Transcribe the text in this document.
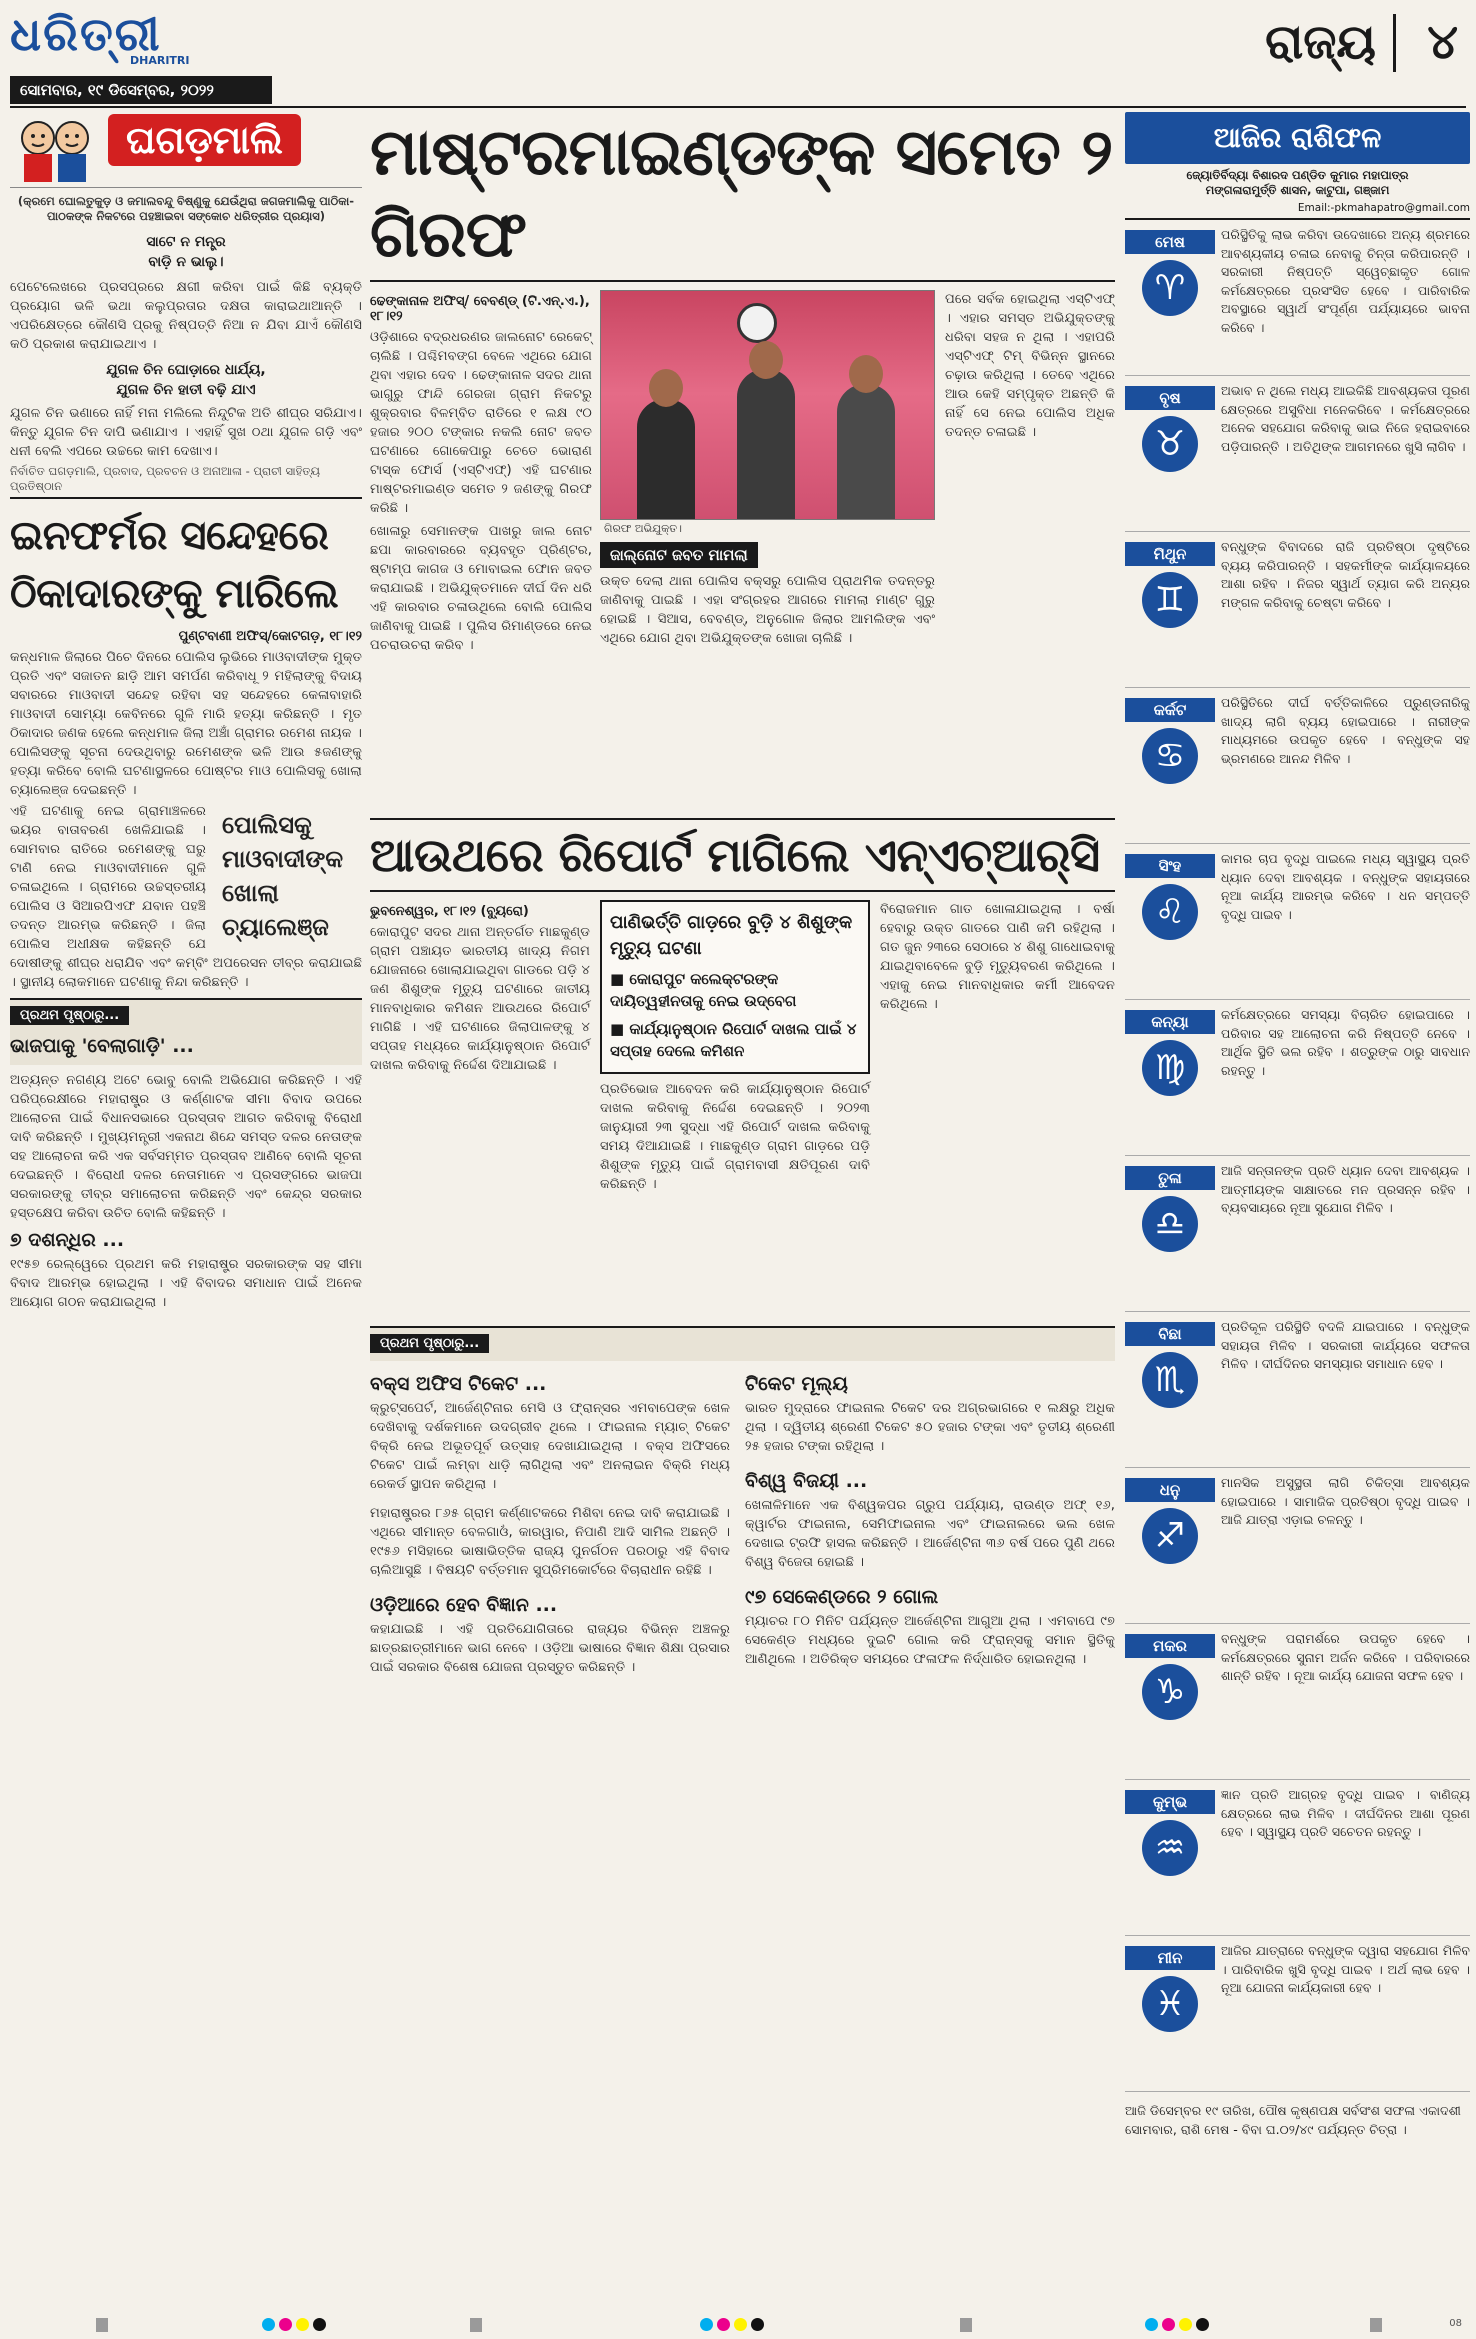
ଧରିତ୍ରୀ
DHARITRI
ସୋମବାର, ୧୯ ଡିସେମ୍ବର, ୨୦୨୨
ରାଜ୍ୟ ୪
ଘଗଡ଼ମାଲି
(କ୍ରମେ ଘୋଲତୁକୁଡ଼ ଓ ଜମାଲବନ୍ଦୁ ବିଷ୍ଣୁକୁ ଯେଉଁଥିରା ଜଗଜମାଲିକୁ ପାଠିକା-ପାଠକଙ୍କ ନିକଟରେ ପହଞ୍ଚାଇବା ସଙ୍କୋଚ ଧରିତ୍ରୀର ପ୍ରୟାସ)
ସାଟେ ନ ମନ୍ତ୍ର
ବାଡ଼ି ନ ଭାଲୁ।
ପେଟେଲେଖରେ ପ୍ରସପ୍ରରେ କ୍ଷଗୀ କରିବା ପାଇଁ କିଛି ବ୍ୟକ୍ତି ପ୍ରୟୋଗ ଭଳି ଭଥା କଲୁପ୍ରତାର ଦକ୍ଷତା କାରାଇଥାଆନ୍ତି । ଏପରିକ୍ଷେତ୍ରେ କୌଣସି ପ୍ରକୁ ନିଷ୍ପତ୍ତି ନିଆ ନ ଯିବା ଯାଏଁ କୌଣସି କଠି ପ୍ରକାଶ କରାଯାଇଥାଏ ।
ଯୁଗଳ ଚିନ ଘୋଡ଼ାରେ ଧାର୍ଯ୍ୟ,
ଯୁଗଳ ଚିନ ହାତୀ ବଢ଼ି ଯାଏ
ଯୁଗଳ ଚିନ ଭଣାରେ ନାହିଁ ମନା ମଲିଲେ ନିନ୍ଦୁଟିକ ଅତି ଶୀଘ୍ର ସରିଯାଏ। କିନ୍ତୁ ଯୁଗଳ ଚିନ ଦାପି ଭଣାଯାଏ । ଏହାହିଁ ସୁଖ ଠଥା ଯୁଗଳ ଗଡ଼ି ଏବଂ ଧନୀ ବେଲି ଏପରେ ଉଚ୍ଚରେ କାମ ଦେଖାଏ।
ନିର୍ବାଚିତ ଘଗଡ଼ମାଲି, ପ୍ରବାଦ, ପ୍ରବଚନ ଓ ଅନାଆଳା - ପ୍ରାଚୀ ସାହିତ୍ୟ ପ୍ରତିଷ୍ଠାନ
ଇନଫର୍ମର ସନ୍ଦେହରେ ଠିକାଦାରଙ୍କୁ ମାରିଲେ
ପୁଣ୍ଟବାଣୀ ଅଫିସ୍/କୋଟଗଡ଼, ୧୮।୧୨

କନ୍ଧମାଳ ଜିଲାରେ ପିଚେ ଦିନରେ ପୋଲିସ ଲୁଭିରେ ମାଓବାଦୀଙ୍କ ମୁକ୍ତ ପ୍ରତି ଏବଂ ସଜାତନ ଛାଡ଼ି ଆମ ସମର୍ପଣ କରିବାଧୂ ୨ ମହିଲାଙ୍କୁ ବିଦାୟ ସବାରରେ ମାଓବାଦୀ ସନ୍ଦେହ ରହିବା ସହ ସନ୍ଦେହରେ କେଳାବାହାରି ମାଓବାଦୀ ସୋମ୍ୟା କେବିନରେ ଗୁଳି ମାରି ହତ୍ୟା କରିଛନ୍ତି । ମୃତ ଠିକାଦାର ଜଣକ ହେଲେ କନ୍ଧମାଳ ଜିଲା ଅଞ୍ଚାଁ ଗ୍ରାମର ରମେଶ ନାୟକ । ପୋଲିସଙ୍କୁ ସୂଚନା ଦେଉଥିବାରୁ ରମେଶଙ୍କ ଭଳି ଆଉ ୫ଜଣଙ୍କୁ ହତ୍ୟା କରିବେ ବୋଲି ଘଟଣାସ୍ଥଳରେ ପୋଷ୍ଟର ମାଓ ପୋଲିସକୁ ଖୋଲା ଚ୍ୟାଲେଞ୍ଜ ଦେଇଛନ୍ତି ।

ପୋଲିସକୁ ମାଓବାଦୀଙ୍କ ଖୋଲା ଚ୍ୟାଲେଞ୍ଜ

ଏହି ଘଟଣାକୁ ନେଇ ଗ୍ରାମାଞ୍ଚଳରେ ଭୟର ବାତାବରଣ ଖେଳିଯାଇଛି । ସୋମବାର ରାତିରେ ରମେଶଙ୍କୁ ଘରୁ ଟାଣି ନେଇ ମାଓବାଦୀମାନେ ଗୁଳି ଚଳାଇଥିଲେ । ଗ୍ରାମରେ ଉଚ୍ଚସ୍ତରୀୟ ପୋଲିସ ଓ ସିଆରପିଏଫ ଯବାନ ପହଞ୍ଚି ତଦନ୍ତ ଆରମ୍ଭ କରିଛନ୍ତି । ଜିଲା ପୋଲିସ ଅଧୀକ୍ଷକ କହିଛନ୍ତି ଯେ ଦୋଷୀଙ୍କୁ ଶୀଘ୍ର ଧରାଯିବ ଏବଂ କମ୍ବିଂ ଅପରେସନ ତୀବ୍ର କରାଯାଇଛି । ସ୍ଥାନୀୟ ଲୋକମାନେ ଘଟଣାକୁ ନିନ୍ଦା କରିଛନ୍ତି ।

ପ୍ରଥମ ପୃଷ୍ଠାରୁ...
ଭାଜପାକୁ 'ବେଲାଗାଡ଼ି' ...
ଅତ୍ୟନ୍ତ ନଗଣ୍ୟ ଅଟେ ଭୋବୁ ବୋଲି ଅଭିଯୋଗ କରିଛନ୍ତି । ଏହି ପରିପ୍ରେକ୍ଷୀରେ ମହାରାଷ୍ଟ୍ର ଓ କର୍ଣ୍ଣାଟକ ସୀମା ବିବାଦ ଉପରେ ଆଲୋଚନା ପାଇଁ ବିଧାନସଭାରେ ପ୍ରସ୍ତାବ ଆଗତ କରିବାକୁ ବିରୋଧୀ ଦାବି କରିଛନ୍ତି । ମୁଖ୍ୟମନ୍ତ୍ରୀ ଏକନାଥ ଶିନ୍ଦେ ସମସ୍ତ ଦଳର ନେତାଙ୍କ ସହ ଆଲୋଚନା କରି ଏକ ସର୍ବସମ୍ମତ ପ୍ରସ୍ତାବ ଆଣିବେ ବୋଲି ସୂଚନା ଦେଇଛନ୍ତି । ବିରୋଧୀ ଦଳର ନେତାମାନେ ଏ ପ୍ରସଙ୍ଗରେ ଭାଜପା ସରକାରଙ୍କୁ ତୀବ୍ର ସମାଲୋଚନା କରିଛନ୍ତି ଏବଂ କେନ୍ଦ୍ର ସରକାର ହସ୍ତକ୍ଷେପ କରିବା ଉଚିତ ବୋଲି କହିଛନ୍ତି ।
୭ ଦଶନ୍ଧିର ...
୧୯୫୭ ରେଲ୍ୱେରେ ପ୍ରଥମ କରି ମହାରାଷ୍ଟ୍ର ସରକାରଙ୍କ ସହ ସୀମା ବିବାଦ ଆରମ୍ଭ ହୋଇଥିଲା । ଏହି ବିବାଦର ସମାଧାନ ପାଇଁ ଅନେକ ଆୟୋଗ ଗଠନ କରାଯାଇଥିଲା ।
ମାଷ୍ଟରମାଇଣ୍ଡଙ୍କ ସମେତ ୨ ଗିରଫ
ଢେଙ୍କାନାଳ ଅଫିସ୍/ ବେବଣ୍ଡ୍ (ଟି.ଏନ୍.ଏ.), ୧୮।୧୨
ଓଡ଼ିଶାରେ ବଦ୍ରଧରଣର ଜାଲନୋଟ ର‌େକେଟ୍ ଚାଲିଛି । ପଶ୍ଚିମବଙ୍ଗ ବେଳେ ଏଥିରେ ଯୋଗ ଥିବା ଏହାର ଦେବ । ଢେଙ୍କାନାଳ ସଦର ଥାନା ଭାଗୁରୁ ଫାନ୍ଦି ଗେରଜା ଗ୍ରାମ ନିକଟରୁ ଶୁକ୍ରବାର ବିଳମ୍ବିତ ରାତିରେ ୧ ଲକ୍ଷ ୯୦ ହଜାର ୨୦୦ ଟଙ୍କାର ନକଲି ନୋଟ ଜବତ ଘଟଣାରେ ଗୋକେପାରୁ ଚେତେ ଭୋରାଣ ଟାସ୍କ ଫୋର୍ସ (ଏସ୍ଟିଏଫ୍) ଏହି ଘଟଣାର ମାଷ୍ଟରମାଇଣ୍ଡ ସମେତ ୨ ଜଣଙ୍କୁ ଗିରଫ କରିଛି ।
ଖୋଳାରୁ ସେମାନଙ୍କ ପାଖରୁ ଜାଲ ନୋଟ ଛପା କାରବାରରେ ବ୍ୟବହୃତ ପ୍ରିଣ୍ଟର, ଷ୍ଟାମ୍ପ କାଗଜ ଓ ମୋବାଇଲ ଫୋନ ଜବତ କରାଯାଇଛି । ଅଭିଯୁକ୍ତମାନେ ଦୀର୍ଘ ଦିନ ଧରି ଏହି କାରବାର ଚଳାଉଥିଲେ ବୋଲି ପୋଲିସ ଜାଣିବାକୁ ପାଇଛି । ପୁଲିସ ରିମାଣ୍ଡରେ ନେଇ ପଚରାଉଚରା କରିବ ।
ଗିରଫ ଅଭିଯୁକ୍ତ।
ପରେ ସର୍ବକ ହୋଇଥିଲା ଏସ୍ଟିଏଫ୍ । ଏହାର ସମସ୍ତ ଅଭିଯୁକ୍ତଙ୍କୁ ଧରିବା ସହଜ ନ ଥିଲା । ଏହାପରି ଏସ୍ଟିଏଫ୍ ଟିମ୍ ବିଭିନ୍ନ ସ୍ଥାନରେ ଚଢ଼ାଉ କରିଥିଲା । ତେବେ ଏଥିରେ ଆଉ କେହି ସମ୍ପୃକ୍ତ ଅଛନ୍ତି କି ନାହିଁ ସେ ନେଇ ପୋଲିସ ଅଧିକ ତଦନ୍ତ ଚଳାଇଛି ।
ଜାଲ୍‌ନୋଟ ଜବତ ମାମଲା
ଉକ୍ତ ଦେଲା ଥାନା ପୋଲିସ ବକ୍ସରୁ ପୋଲିସ ପ୍ରାଥମିକ ତଦନ୍ତରୁ ଜାଣିବାକୁ ପାଇଛି । ଏହା ସଂଗ୍ରହର ଆଗରେ ମାମଲା ମାଣ୍ଟ ଗୁରୁ ହୋଇଛି । ସିଆସ, ବେବଣ୍ଡ୍, ଅନୁଗୋଳ ଜିଲାର ଆମଲିଙ୍କ ଏବଂ ଏଥିରେ ଯୋଗ ଥିବା ଅଭିଯୁକ୍ତଙ୍କ ଖୋଜା ଚାଲିଛି ।
ଆଉଥରେ ରିପୋର୍ଟ ମାଗିଲେ ଏନ୍‌ଏଚ୍‌ଆର୍‌ସି
ଭୁବନେଶ୍ୱର, ୧୮।୧୨ (ବ୍ୟୁରୋ)
କୋରାପୁଟ ସଦର ଥାନା ଅନ୍ତର୍ଗତ ମାଛକୁଣ୍ଡ ଗ୍ରାମ ପଞ୍ଚାୟତ ଭାରତୀୟ ଖାଦ୍ୟ ନିଗମ ଯୋଜନାରେ ଖୋଲାଯାଇଥିବା ଗାଡରେ ପଡ଼ି ୪ ଜଣ ଶିଶୁଙ୍କ ମୃତ୍ୟୁ ଘଟଣାରେ ଜାତୀୟ ମାନବାଧିକାର କମିଶନ ଆଉଥରେ ରିପୋର୍ଟ ମାଗିଛି । ଏହି ଘଟଣାରେ ଜିଲାପାଳଙ୍କୁ ୪ ସପ୍ତାହ ମଧ୍ୟରେ କାର୍ଯ୍ୟାନୁଷ୍ଠାନ ରିପୋର୍ଟ ଦାଖଲ କରିବାକୁ ନିର୍ଦ୍ଦେଶ ଦିଆଯାଇଛି ।
ପାଣିଭର୍ତ୍ତି ଗାଡ଼ରେ ବୁଡ଼ି ୪ ଶିଶୁଙ୍କ ମୃତ୍ୟୁ ଘଟଣା
■ କୋରାପୁଟ କଲେକ୍ଟରଙ୍କ ଦାୟିତ୍ୱହୀନତାକୁ ନେଇ ଉଦ୍‌ବେଗ
■ କାର୍ଯ୍ୟାନୁଷ୍ଠାନ ରିପୋର୍ଟ ଦାଖଲ ପାଇଁ ୪ ସପ୍ତାହ ଦେଲେ କମିଶନ
ପ୍ରତିଭୋଜ ଆବେଦନ କରି କାର୍ଯ୍ୟାନୁଷ୍ଠାନ ରିପୋର୍ଟ ଦାଖଲ କରିବାକୁ ନିର୍ଦ୍ଦେଶ ଦେଇଛନ୍ତି । ୨୦୨୩ ଜାନୁୟାରୀ ୨୩ ସୁଦ୍ଧା ଏହି ରିପୋର୍ଟ ଦାଖଲ କରିବାକୁ ସମୟ ଦିଆଯାଇଛି । ମାଛକୁଣ୍ଡ ଗ୍ରାମ ଗାଡ଼ରେ ପଡ଼ି ଶିଶୁଙ୍କ ମୃତ୍ୟୁ ପାଇଁ ଗ୍ରାମବାସୀ କ୍ଷତିପୂରଣ ଦାବି କରିଛନ୍ତି ।
ବିରୋଜମାନ ଗାତ ଖୋଳାଯାଇଥିଲା । ବର୍ଷା ହେବାରୁ ଉକ୍ତ ଗାତରେ ପାଣି ଜମି ରହିଥିଲା । ଗତ ଜୁନ ୨୩ରେ ସେଠାରେ ୪ ଶିଶୁ ଗାଧୋଇବାକୁ ଯାଇଥିବାବେଳେ ବୁଡ଼ି ମୃତ୍ୟୁବରଣ କରିଥିଲେ । ଏହାକୁ ନେଇ ମାନବାଧିକାର କର୍ମୀ ଆବେଦନ କରିଥିଲେ ।
ପ୍ରଥମ ପୃଷ୍ଠାରୁ...
ବକ୍ସ ଅଫିସ ଟିକେଟ ...
କ୍ରୁଟ୍‌ସପେର୍ଟ, ଆର୍ଜେଣ୍ଟିନାର ମେସି ଓ ଫ୍ରାନ୍ସର ଏମବାପେଙ୍କ ଖେଳ ଦେଖିବାକୁ ଦର୍ଶକମାନେ ଉଦଗ୍ରୀବ ଥିଲେ । ଫାଇନାଲ ମ୍ୟାଚ୍ ଟିକେଟ ବିକ୍ରି ନେଇ ଅଭୂତପୂର୍ବ ଉତ୍ସାହ ଦେଖାଯାଇଥିଲା । ବକ୍ସ ଅଫିସରେ ଟିକେଟ ପାଇଁ ଲମ୍ବା ଧାଡ଼ି ଲାଗିଥିଲା ଏବଂ ଅନଲାଇନ ବିକ୍ରି ମଧ୍ୟ ରେକର୍ଡ ସ୍ଥାପନ କରିଥିଲା ।
ମହାରାଷ୍ଟ୍ରର ୮୬୫ ଗ୍ରାମ କର୍ଣ୍ଣାଟକରେ ମିଶିବା ନେଇ ଦାବି କରାଯାଇଛି । ଏଥିରେ ସୀମାନ୍ତ ବେଳଗାଓଁ, କାରୱାର, ନିପାଣି ଆଦି ସାମିଲ ଅଛନ୍ତି । ୧୯୫୬ ମସିହାରେ ଭାଷାଭିତ୍ତିକ ରାଜ୍ୟ ପୁନର୍ଗଠନ ପରଠାରୁ ଏହି ବିବାଦ ଚାଲିଆସୁଛି । ବିଷୟଟି ବର୍ତ୍ତମାନ ସୁପ୍ରିମକୋର୍ଟରେ ବିଚାରାଧୀନ ରହିଛି ।
ଓଡ଼ିଆରେ ହେବ ବିଜ୍ଞାନ ...
କହାଯାଇଛି । ଏହି ପ୍ରତିଯୋଗିତାରେ ରାଜ୍ୟର ବିଭିନ୍ନ ଅଞ୍ଚଳରୁ ଛାତ୍ରଛାତ୍ରୀମାନେ ଭାଗ ନେବେ । ଓଡ଼ିଆ ଭାଷାରେ ବିଜ୍ଞାନ ଶିକ୍ଷା ପ୍ରସାର ପାଇଁ ସରକାର ବିଶେଷ ଯୋଜନା ପ୍ରସ୍ତୁତ କରିଛନ୍ତି ।
ଟିକେଟ ମୂଲ୍ୟ
ଭାରତ ମୁଦ୍ରାରେ ଫାଇନାଲ ଟିକେଟ ଦର ଅଗ୍ରଭାଗରେ ୧ ଲକ୍ଷରୁ ଅଧିକ ଥିଲା । ଦ୍ୱିତୀୟ ଶ୍ରେଣୀ ଟିକେଟ ୫୦ ହଜାର ଟଙ୍କା ଏବଂ ତୃତୀୟ ଶ୍ରେଣୀ ୨୫ ହଜାର ଟଙ୍କା ରହିଥିଲା ।
ବିଶ୍ୱ ବିଜୟୀ ...
ଖେଳାଳିମାନେ ଏକ ବିଶ୍ୱକପର ଗ୍ରୁପ ପର୍ଯ୍ୟାୟ, ରାଉଣ୍ଡ ଅଫ୍ ୧୬, କ୍ୱାର୍ଟର ଫାଇନାଲ, ସେମିଫାଇନାଲ ଏବଂ ଫାଇନାଲରେ ଭଲ ଖେଳ ଦେଖାଇ ଟ୍ରଫି ହାସଲ କରିଛନ୍ତି । ଆର୍ଜେଣ୍ଟିନା ୩୬ ବର୍ଷ ପରେ ପୁଣି ଥରେ ବିଶ୍ୱ ବିଜେତା ହୋଇଛି ।
୯୭ ସେକେଣ୍ଡରେ ୨ ଗୋଲ
ମ୍ୟାଚର ୮୦ ମିନିଟ ପର୍ଯ୍ୟନ୍ତ ଆର୍ଜେଣ୍ଟିନା ଆଗୁଆ ଥିଲା । ଏମବାପେ ୯୭ ସେକେଣ୍ଡ ମଧ୍ୟରେ ଦୁଇଟି ଗୋଲ କରି ଫ୍ରାନ୍ସକୁ ସମାନ ସ୍ଥିତିକୁ ଆଣିଥିଲେ । ଅତିରିକ୍ତ ସମୟରେ ଫଳାଫଳ ନିର୍ଦ୍ଧାରିତ ହୋଇନଥିଲା ।
ଆଜିର ରାଶିଫଳ
ଜ୍ୟୋତିର୍ବିଦ୍ୟା ବିଶାରଦ ପଣ୍ଡିତ କୁମାର ମହାପାତ୍ର
ମଙ୍ଗଳାରାମୁର୍ତ୍ତି ଶାସନ, କାଟୁପା, ଗଞ୍ଜାମ
Email:-pkmahapatro@gmail.com
ମେଷ
♈
ପରିସ୍ଥିତିକୁ ଲାଭ କରିବା ଉଦେଖାରେ ଅନ୍ୟ ଶ୍ରମରେ ଆବଶ୍ୟକୀୟ ଚଳାଇ ନେବାକୁ ଚିନ୍ତା କରିପାରନ୍ତି । ସରକାରୀ ନିଷ୍ପତ୍ତି ସ୍ୱେଚ୍ଛାକୃତ ଗୋଳ କର୍ମକ୍ଷେତ୍ରରେ ପ୍ରସଂସିତ ହେବେ । ପାରିବାରିକ ଅବସ୍ଥାରେ ସ୍ୱାର୍ଥ ସଂପୂର୍ଣ୍ଣ ପର୍ଯ୍ୟାୟରେ ଭାବନା କରିବେ ।
ବୃଷ
♉
ଅଭାବ ନ ଥିଲେ ମଧ୍ୟ ଆଇକିଛି ଆବଶ୍ୟକତା ପୂରଣ କ୍ଷେତ୍ରରେ ଅସୁବିଧା ମନେକରିବେ । କର୍ମକ୍ଷେତ୍ରରେ ଅନେକ ସହଯୋଗ କରିବାକୁ ଭାଇ ନିଜେ ହରାଇବାରେ ପଡ଼ିପାରନ୍ତି । ଅତିଥିଙ୍କ ଆଗମନରେ ଖୁସି ଲାଗିବ ।
ମିଥୁନ
♊
ବନ୍ଧୁଙ୍କ ବିବାଦରେ ରାଜି ପ୍ରତିଷ୍ଠା ଦୃଷ୍ଟିରେ ବ୍ୟୟ କରିପାରନ୍ତି । ସହକର୍ମୀଙ୍କ କାର୍ଯ୍ୟାଳୟରେ ଆଶା ରହିବ । ନିଜର ସ୍ୱାର୍ଥ ତ୍ୟାଗ କରି ଅନ୍ୟର ମଙ୍ଗଳ କରିବାକୁ ଚେଷ୍ଟା କରିବେ ।
କର୍କଟ
♋
ପରିସ୍ଥିତିରେ ଦୀର୍ଘ ବର୍ତ୍ତିକାଳିରେ ପ୍ରୁଣ୍ଡନାରିକୁ ଖାଦ୍ୟ ଲାଗି ବ୍ୟୟ ହୋଇପାରେ । ନାରୀଙ୍କ ମାଧ୍ୟମରେ ଉପକୃତ ହେବେ । ବନ୍ଧୁଙ୍କ ସହ ଭ୍ରମଣରେ ଆନନ୍ଦ ମିଳିବ ।
ସିଂହ
♌
କାମର ଚାପ ବୃଦ୍ଧି ପାଇଲେ ମଧ୍ୟ ସ୍ୱାସ୍ଥ୍ୟ ପ୍ରତି ଧ୍ୟାନ ଦେବା ଆବଶ୍ୟକ । ବନ୍ଧୁଙ୍କ ସହାୟତାରେ ନୂଆ କାର୍ଯ୍ୟ ଆରମ୍ଭ କରିବେ । ଧନ ସମ୍ପତ୍ତି ବୃଦ୍ଧି ପାଇବ ।
କନ୍ୟା
♍
କର୍ମକ୍ଷେତ୍ରରେ ସମସ୍ୟା ବିଚାରିତ ହୋଇପାରେ । ପରିବାର ସହ ଆଲୋଚନା କରି ନିଷ୍ପତ୍ତି ନେବେ । ଆର୍ଥିକ ସ୍ଥିତି ଭଲ ରହିବ । ଶତ୍ରୁଙ୍କ ଠାରୁ ସାବଧାନ ରହନ୍ତୁ ।
ତୁଳା
♎
ଆଜି ସନ୍ତାନଙ୍କ ପ୍ରତି ଧ୍ୟାନ ଦେବା ଆବଶ୍ୟକ । ଆତ୍ମୀୟଙ୍କ ସାକ୍ଷାତରେ ମନ ପ୍ରସନ୍ନ ରହିବ । ବ୍ୟବସାୟରେ ନୂଆ ସୁଯୋଗ ମିଳିବ ।
ବିଛା
♏
ପ୍ରତିକୂଳ ପରିସ୍ଥିତି ବଦଳି ଯାଇପାରେ । ବନ୍ଧୁଙ୍କ ସହାୟତା ମିଳିବ । ସରକାରୀ କାର୍ଯ୍ୟରେ ସଫଳତା ମିଳିବ । ଦୀର୍ଘଦିନର ସମସ୍ୟାର ସମାଧାନ ହେବ ।
ଧନୁ
♐
ମାନସିକ ଅସୁସ୍ଥତା ଲାଗି ଚିକିତ୍ସା ଆବଶ୍ୟକ ହୋଇପାରେ । ସାମାଜିକ ପ୍ରତିଷ୍ଠା ବୃଦ୍ଧି ପାଇବ । ଆଜି ଯାତ୍ରା ଏଡ଼ାଇ ଚଳନ୍ତୁ ।
ମକର
♑
ବନ୍ଧୁଙ୍କ ପରାମର୍ଶରେ ଉପକୃତ ହେବେ । କର୍ମକ୍ଷେତ୍ରରେ ସୁନାମ ଅର୍ଜନ କରିବେ । ପରିବାରରେ ଶାନ୍ତି ରହିବ । ନୂଆ କାର୍ଯ୍ୟ ଯୋଜନା ସଫଳ ହେବ ।
କୁମ୍ଭ
♒
ଜ୍ଞାନ ପ୍ରତି ଆଗ୍ରହ ବୃଦ୍ଧି ପାଇବ । ବାଣିଜ୍ୟ କ୍ଷେତ୍ରରେ ଲାଭ ମିଳିବ । ଦୀର୍ଘଦିନର ଆଶା ପୂରଣ ହେବ । ସ୍ୱାସ୍ଥ୍ୟ ପ୍ରତି ସଚେତନ ରହନ୍ତୁ ।
ମୀନ
♓
ଆଜିର ଯାତ୍ରାରେ ବନ୍ଧୁଙ୍କ ଦ୍ୱାରା ସହଯୋଗ ମିଳିବ । ପାରିବାରିକ ଖୁସି ବୃଦ୍ଧି ପାଇବ । ଅର୍ଥ ଲାଭ ହେବ । ନୂଆ ଯୋଜନା କାର୍ଯ୍ୟକାରୀ ହେବ ।
ଆଜି ଡିସେମ୍ବର ୧୯ ତାରିଖ, ପୌଷ କୃଷ୍ଣପକ୍ଷ ସର୍ବସଂଶ ସଫଳା ଏକାଦଶୀ ସୋମବାର, ରାଶି ମେଷ - ବିବା ଘ.୦୨/୪୯ ପର୍ଯ୍ୟନ୍ତ ଚିତ୍ରା ।
08
